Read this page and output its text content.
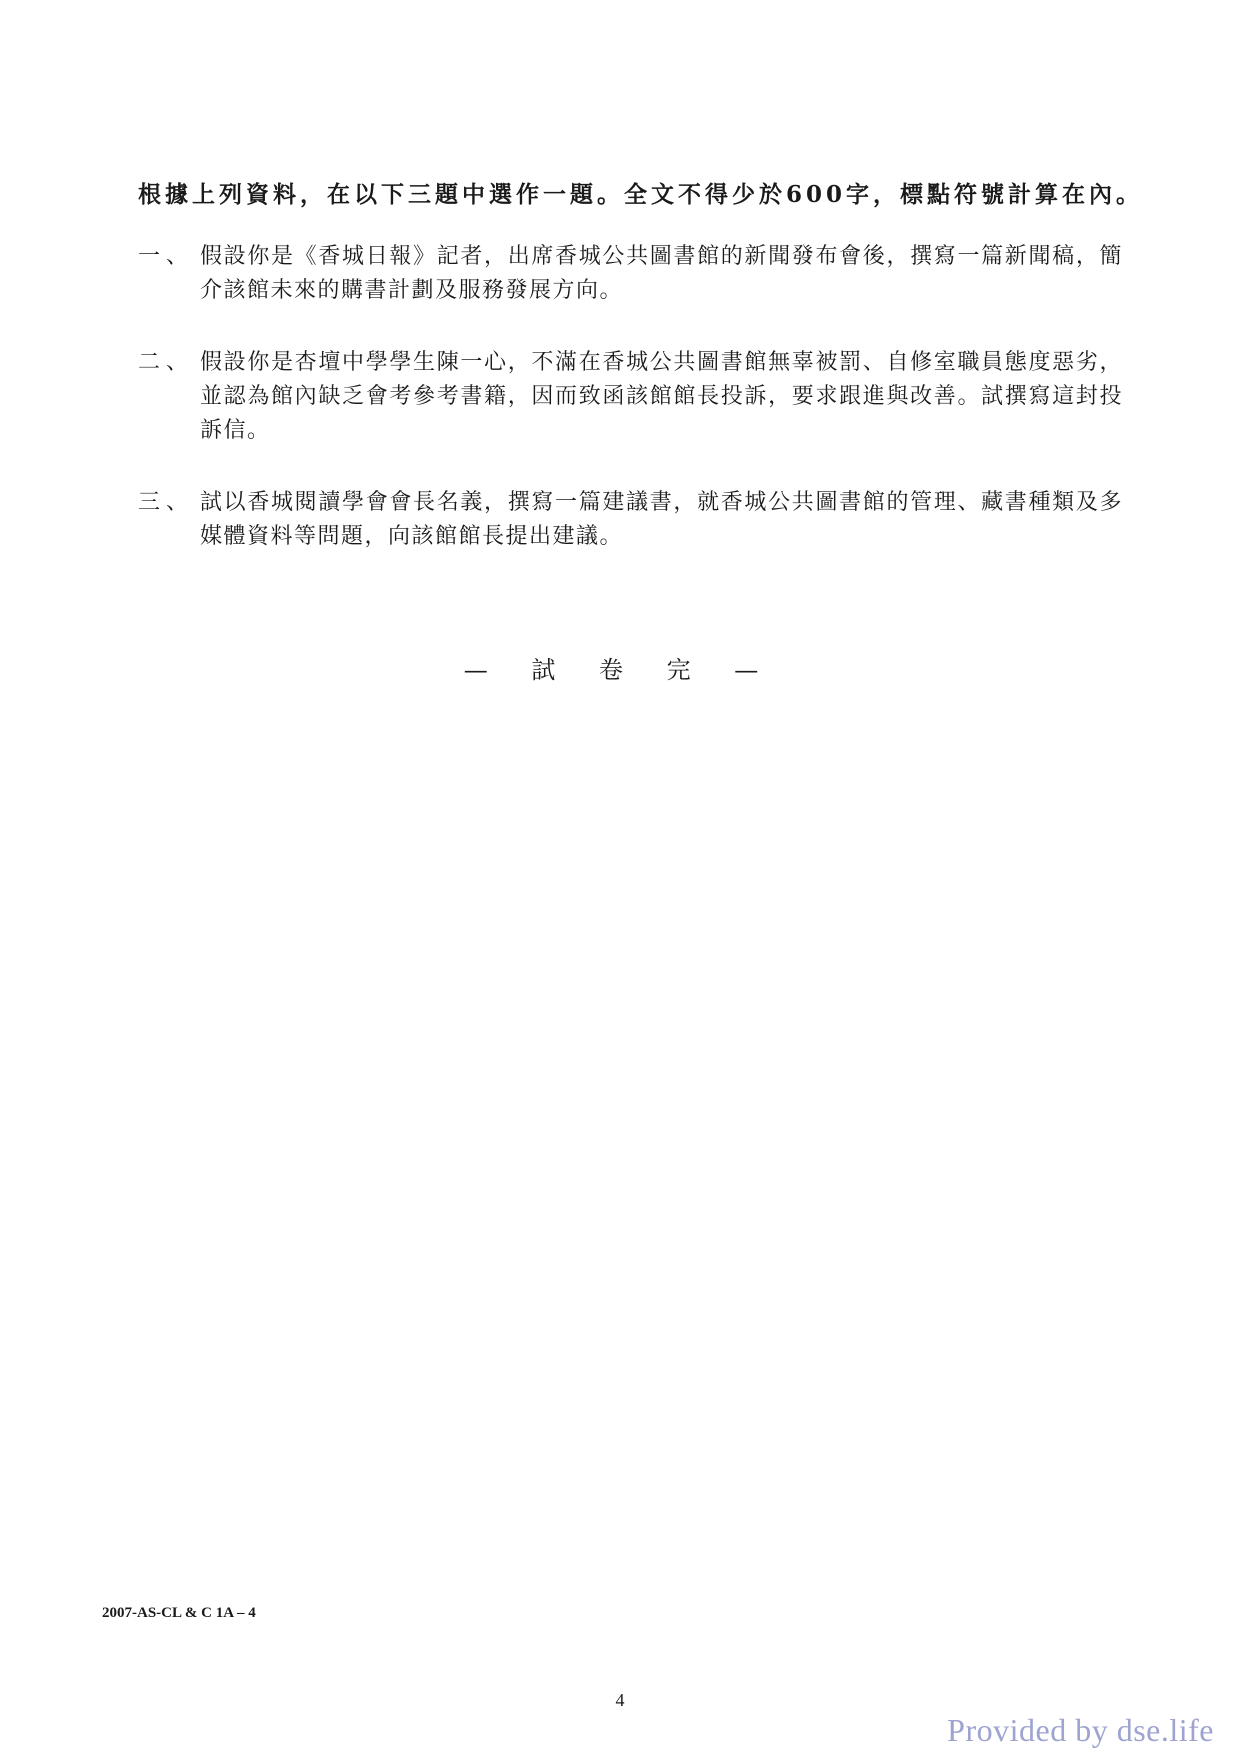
根據上列資料，在以下三題中選作一題。全文不得少於600字，標點符號計算在內。
一、 假設你是《香城日報》記者，出席香城公共圖書館的新聞發布會後，撰寫一篇新聞稿，簡介該館未來的購書計劃及服務發展方向。
二、 假設你是杏壇中學學生陳一心，不滿在香城公共圖書館無辜被罰、自修室職員態度惡劣，並認為館內缺乏會考參考書籍，因而致函該館館長投訴，要求跟進與改善。試撰寫這封投訴信。
三、 試以香城閱讀學會會長名義，撰寫一篇建議書，就香城公共圖書館的管理、藏書種類及多媒體資料等問題，向該館館長提出建議。
— 試 卷 完 —
2007-AS-CL & C 1A – 4
4
Provided by dse.life
